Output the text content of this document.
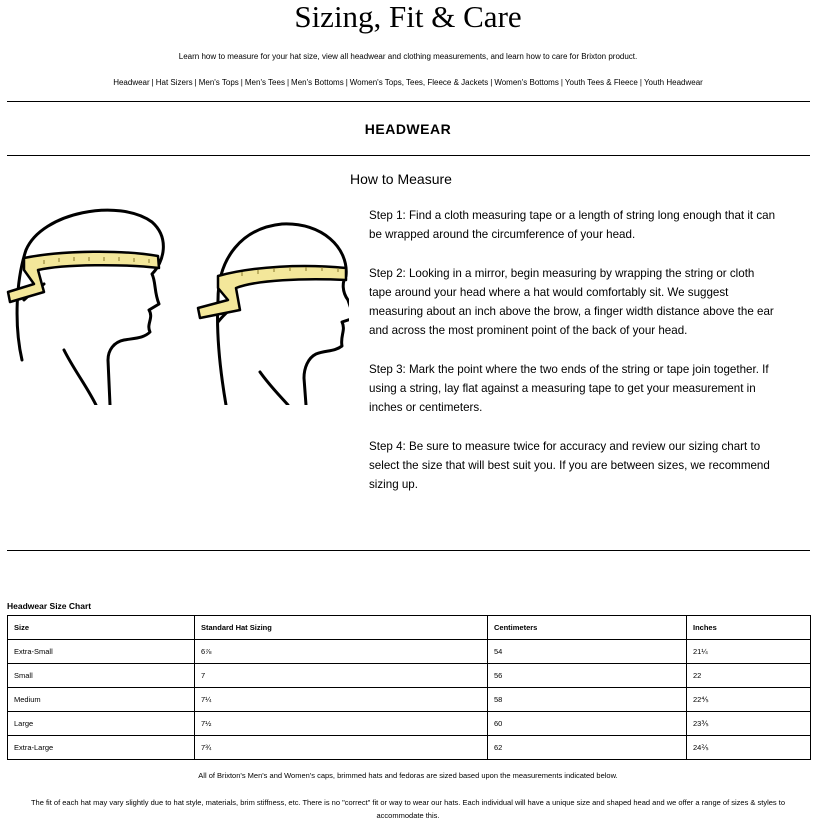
Sizing, Fit & Care
Learn how to measure for your hat size, view all headwear and clothing measurements, and learn how to care for Brixton product.
Headwear | Hat Sizers | Men's Tops | Men's Tees | Men's Bottoms | Women's Tops, Tees, Fleece & Jackets | Women's Bottoms | Youth Tees & Fleece | Youth Headwear
HEADWEAR
How to Measure

Step 1: Find a cloth measuring tape or a length of string long enough that it can be wrapped around the circumference of your head.

Step 2: Looking in a mirror, begin measuring by wrapping the string or cloth tape around your head where a hat would comfortably sit. We suggest measuring about an inch above the brow, a finger width distance above the ear and across the most prominent point of the back of your head.

Step 3: Mark the point where the two ends of the string or tape join together. If using a string, lay flat against a measuring tape to get your measurement in inches or centimeters.

Step 4: Be sure to measure twice for accuracy and review our sizing chart to select the size that will best suit you. If you are between sizes, we recommend sizing up.

Headwear Size Chart
Size	Standard Hat Sizing	Centimeters	Inches
Extra-Small	6⅞	54	21¼
Small	7	56	22
Medium	7¼	58	22⅘
Large	7½	60	23⅗
Extra-Large	7¾	62	24⅖
All of Brixton's Men's and Women's caps, brimmed hats and fedoras are sized based upon the measurements indicated below.
The fit of each hat may vary slightly due to hat style, materials, brim stiffness, etc. There is no "correct" fit or way to wear our hats. Each individual will have a unique size and shaped head and we offer a range of sizes & styles to accommodate this.
